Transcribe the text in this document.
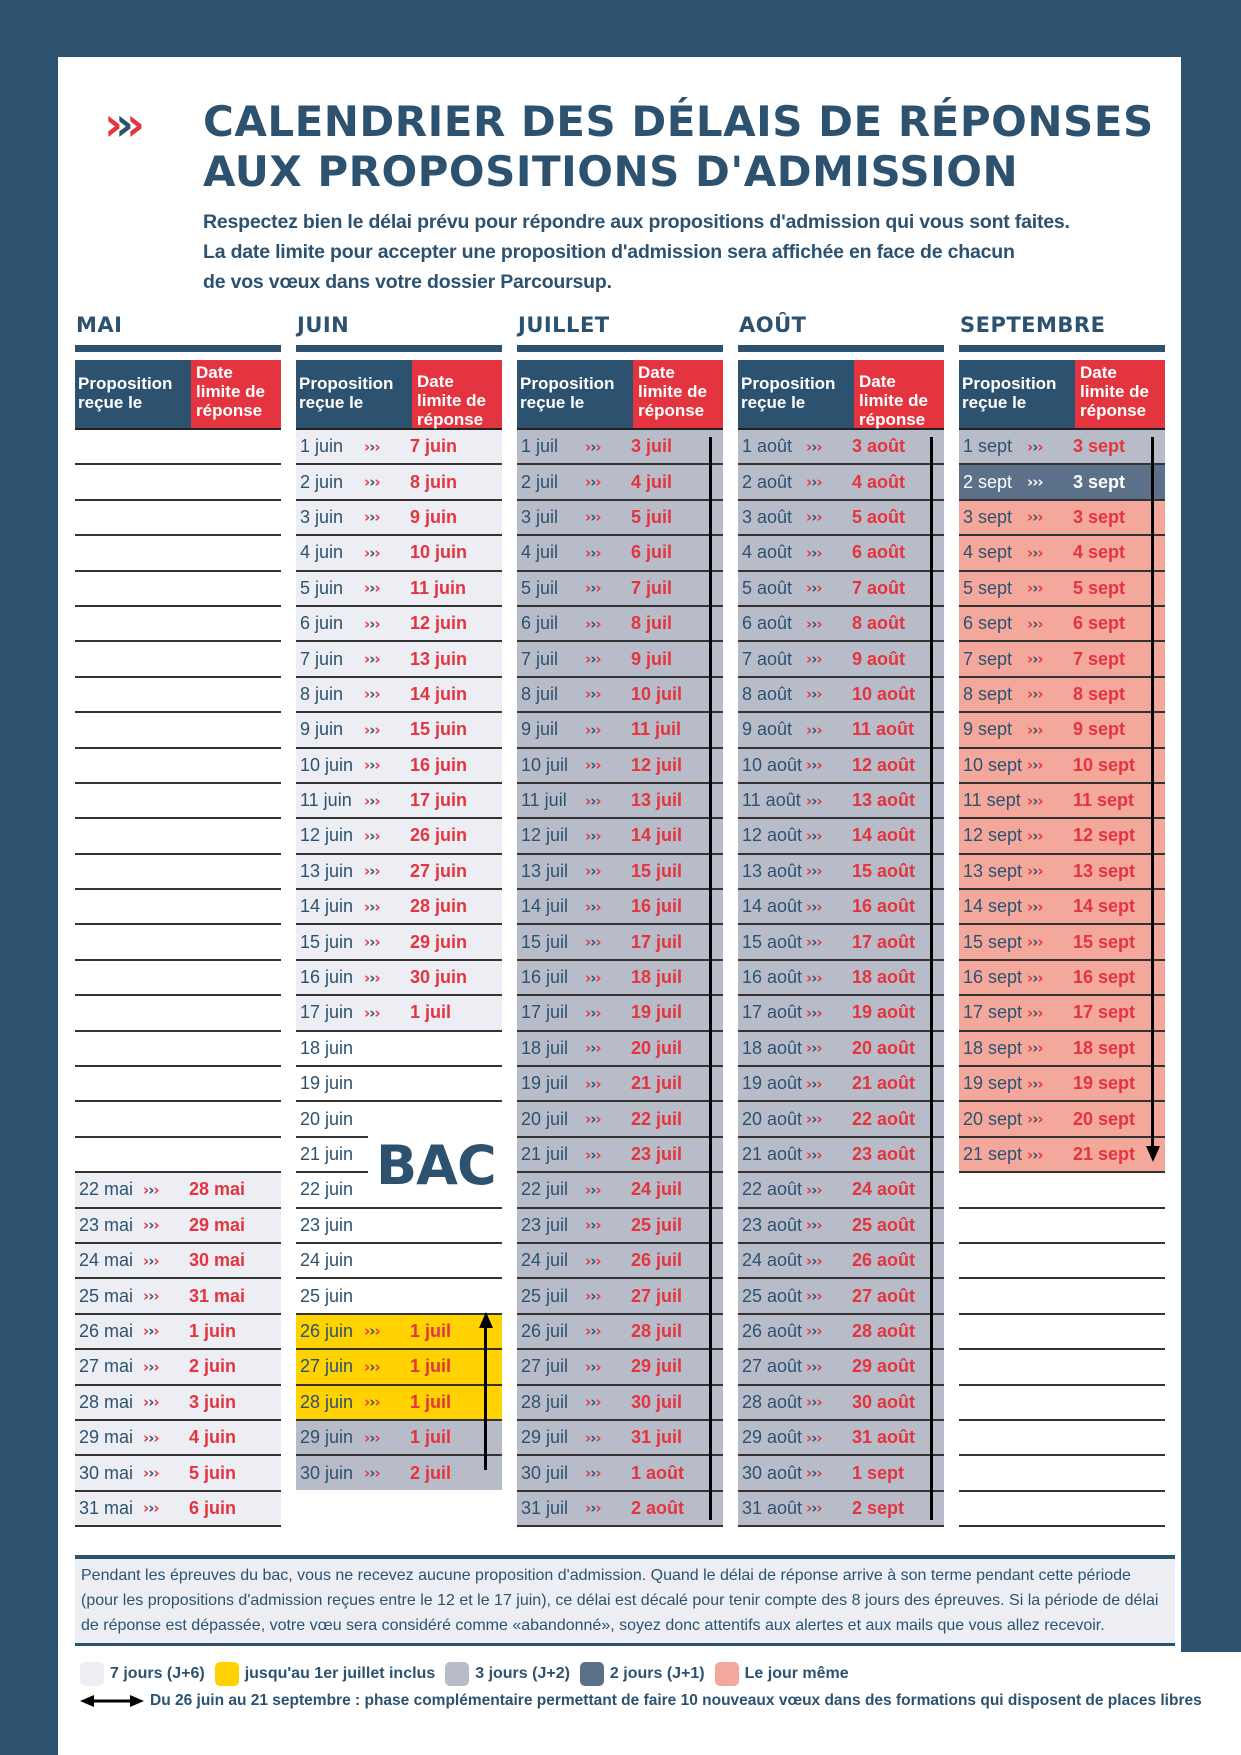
››› CALENDRIER DES DÉLAIS DE RÉPONSES
AUX PROPOSITIONS D'ADMISSION
Respectez bien le délai prévu pour répondre aux propositions d'admission qui vous sont faites.
La date limite pour accepter une proposition d'admission sera affichée en face de chacun
de vos vœux dans votre dossier Parcoursup.
MAI
Proposition reçue le
Date limite de réponse
22 mai ›››	28 mai
23 mai ›››	29 mai
24 mai ›››	30 mai
25 mai ›››	31 mai
26 mai ›››	1 juin
27 mai ›››	2 juin
28 mai ›››	3 juin
29 mai ›››	4 juin
30 mai ›››	5 juin
31 mai ›››	6 juin
JUIN
Proposition reçue le
Date limite de réponse
1 juin	›››	7 juin
2 juin	›››	8 juin
3 juin	›››	9 juin
4 juin	›››	10 juin
5 juin	›››	11 juin
6 juin	›››	12 juin
7 juin	›››	13 juin
8 juin	›››	14 juin
9 juin	›››	15 juin
10 juin ›››	16 juin
11 juin ›››	17 juin
12 juin ›››	26 juin
13 juin ›››	27 juin
14 juin ›››	28 juin
15 juin ›››	29 juin
16 juin ›››	30 juin
17 juin ›››	1 juil
18 juin
19 juin
20 juin
21 juin
22 juin
23 juin
24 juin
25 juin
26 juin ›››	1 juil
27 juin ›››	1 juil
28 juin ›››	1 juil
29 juin ›››	1 juil
30 juin ›››	2 juil
JUILLET
Proposition reçue le
Date limite de réponse
1 juil	›››	3 juil
2 juil	›››	4 juil
3 juil	›››	5 juil
4 juil	›››	6 juil
5 juil	›››	7 juil
6 juil	›››	8 juil
7 juil	›››	9 juil
8 juil	›››	10 juil
9 juil	›››	11 juil
10 juil	›››	12 juil
11 juil	›››	13 juil
12 juil	›››	14 juil
13 juil	›››	15 juil
14 juil	›››	16 juil
15 juil	›››	17 juil
16 juil	›››	18 juil
17 juil	›››	19 juil
18 juil	›››	20 juil
19 juil	›››	21 juil
20 juil	›››	22 juil
21 juil	›››	23 juil
22 juil	›››	24 juil
23 juil	›››	25 juil
24 juil	›››	26 juil
25 juil	›››	27 juil
26 juil	›››	28 juil
27 juil	›››	29 juil
28 juil	›››	30 juil
29 juil	›››	31 juil
30 juil	›››	1 août
31 juil	›››	2 août
AOÛT
Proposition reçue le
Date limite de réponse
1 août ›››	3 août
2 août ›››	4 août
3 août ›››	5 août
4 août ›››	6 août
5 août ›››	7 août
6 août ›››	8 août
7 août ›››	9 août
8 août ›››	10 août
9 août ›››	11 août
10 août ›››	12 août
11 août ›››	13 août
12 août ›››	14 août
13 août ›››	15 août
14 août ›››	16 août
15 août ›››	17 août
16 août ›››	18 août
17 août ›››	19 août
18 août ›››	20 août
19 août ›››	21 août
20 août ›››	22 août
21 août ›››	23 août
22 août ›››	24 août
23 août ›››	25 août
24 août ›››	26 août
25 août ›››	27 août
26 août ›››	28 août
27 août ›››	29 août
28 août ›››	30 août
29 août ›››	31 août
30 août ›››	1 sept
31 août ›››	2 sept
SEPTEMBRE
Proposition reçue le
Date limite de réponse
1 sept ›››	3 sept
2 sept ›››	3 sept
3 sept ›››	3 sept
4 sept ›››	4 sept
5 sept ›››	5 sept
6 sept ›››	6 sept
7 sept ›››	7 sept
8 sept ›››	8 sept
9 sept ›››	9 sept
10 sept ›››	10 sept
11 sept ›››	11 sept
12 sept ›››	12 sept
13 sept ›››	13 sept
14 sept ›››	14 sept
15 sept ›››	15 sept
16 sept ›››	16 sept
17 sept ›››	17 sept
18 sept ›››	18 sept
19 sept ›››	19 sept
20 sept ›››	20 sept
21 sept ›››	21 sept
BAC
Pendant les épreuves du bac, vous ne recevez aucune proposition d'admission. Quand le délai de réponse arrive à son terme pendant cette période
(pour les propositions d'admission reçues entre le 12 et le 17 juin), ce délai est décalé pour tenir compte des 8 jours des épreuves. Si la période de délai
de réponse est dépassée, votre vœu sera considéré comme «abandonné», soyez donc attentifs aux alertes et aux mails que vous allez recevoir.
7 jours (J+6)	jusqu'au 1er juillet inclus	3 jours (J+2)	2 jours (J+1)	Le jour même
Du 26 juin au 21 septembre : phase complémentaire permettant de faire 10 nouveaux vœux dans des formations qui disposent de places libres
